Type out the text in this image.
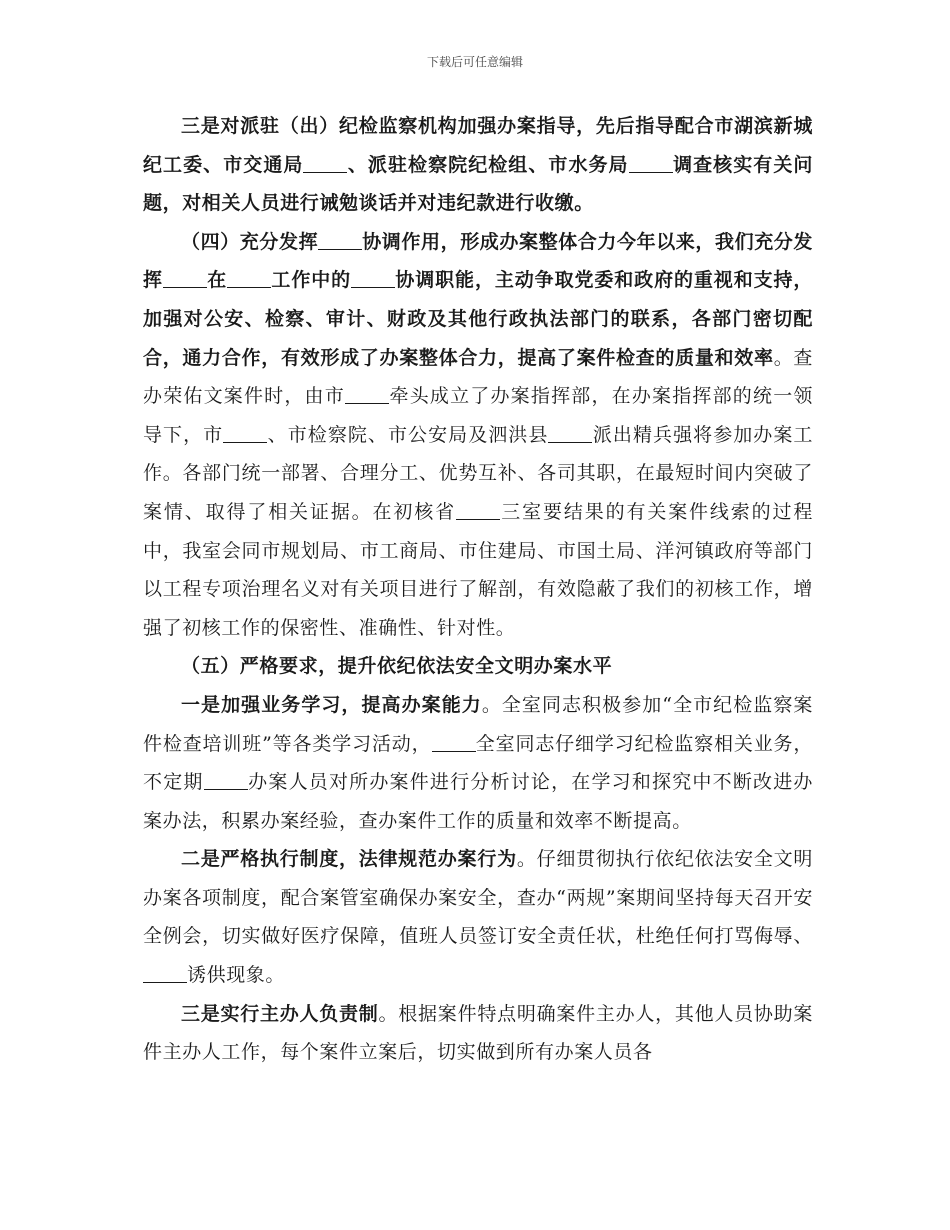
下载后可任意编辑

三是对派驻（出）纪检监察机构加强办案指导，先后指导配合市湖滨新城纪工委、市交通局 、派驻检察院纪检组、市水务局 调查核实有关问题，对相关人员进行诫勉谈话并对违纪款进行收缴。

（四）充分发挥 协调作用，形成办案整体合力今年以来，我们充分发挥 在 工作中的 协调职能，主动争取党委和政府的重视和支持，加强对公安、检察、审计、财政及其他行政执法部门的联系，各部门密切配合，通力合作，有效形成了办案整体合力，提高了案件检查的质量和效率。查办荣佑文案件时，由市 牵头成立了办案指挥部，在办案指挥部的统一领导下，市 、市检察院、市公安局及泗洪县 派出精兵强将参加办案工作。各部门统一部署、合理分工、优势互补、各司其职，在最短时间内突破了案情、取得了相关证据。在初核省 三室要结果的有关案件线索的过程中，我室会同市规划局、市工商局、市住建局、市国土局、洋河镇政府等部门以工程专项治理名义对有关项目进行了解剖，有效隐蔽了我们的初核工作，增强了初核工作的保密性、准确性、针对性。

（五）严格要求，提升依纪依法安全文明办案水平

一是加强业务学习，提高办案能力。全室同志积极参加“全市纪检监察案件检查培训班”等各类学习活动， 全室同志仔细学习纪检监察相关业务，不定期 办案人员对所办案件进行分析讨论，在学习和探究中不断改进办案办法，积累办案经验，查办案件工作的质量和效率不断提高。

二是严格执行制度，法律规范办案行为。仔细贯彻执行依纪依法安全文明办案各项制度，配合案管室确保办案安全，查办“两规”案期间坚持每天召开安全例会，切实做好医疗保障，值班人员签订安全责任状，杜绝任何打骂侮辱、诱供现象。

三是实行主办人负责制。根据案件特点明确案件主办人，其他人员协助案件主办人工作，每个案件立案后，切实做到所有办案人员各
